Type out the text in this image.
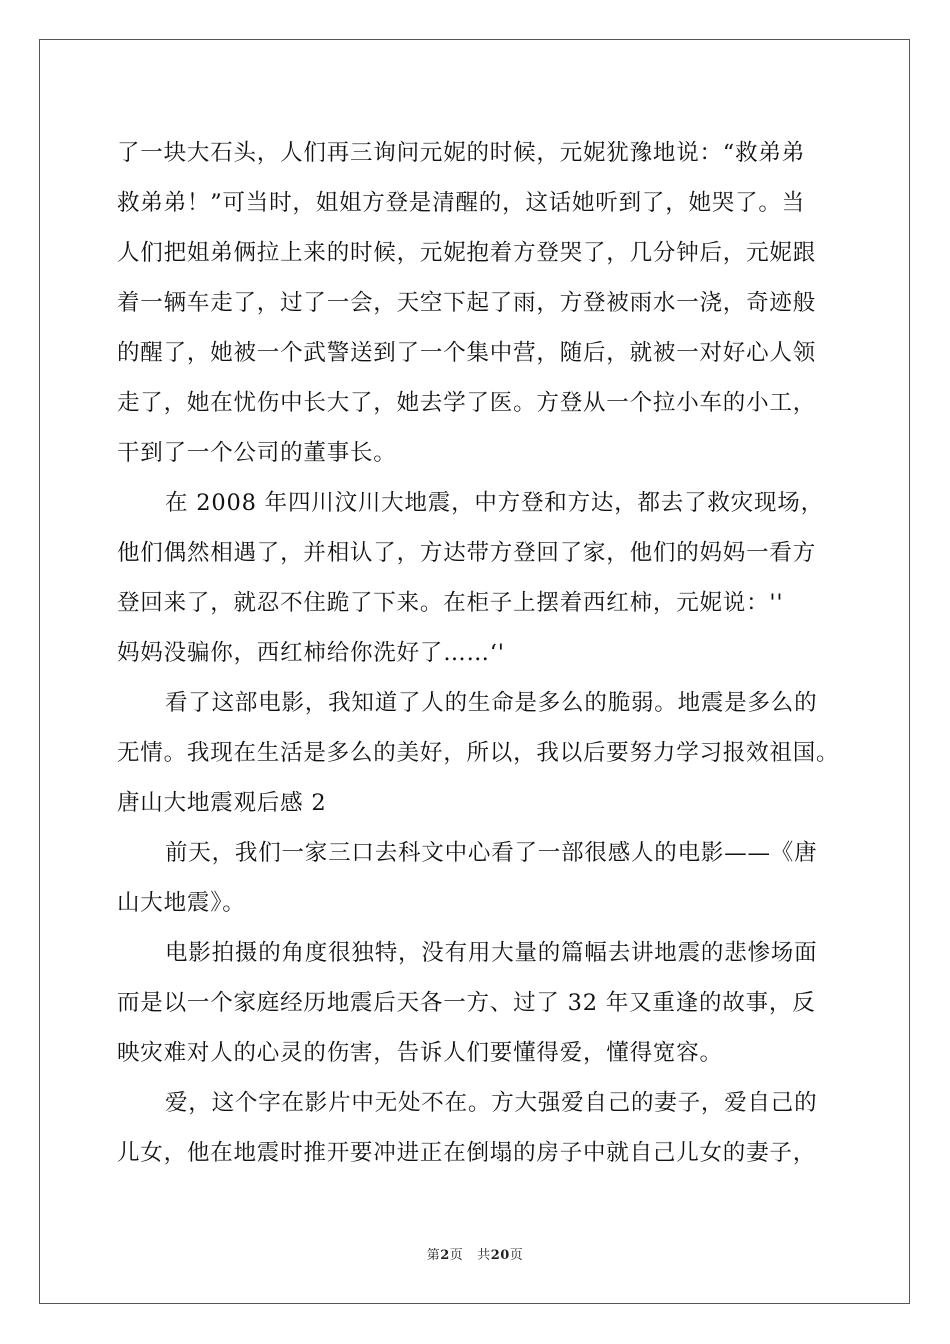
了一块大石头，人们再三询问元妮的时候，元妮犹豫地说：“救弟弟
救弟弟！”可当时，姐姐方登是清醒的，这话她听到了，她哭了。当
人们把姐弟俩拉上来的时候，元妮抱着方登哭了，几分钟后，元妮跟
着一辆车走了，过了一会，天空下起了雨，方登被雨水一浇，奇迹般
的醒了，她被一个武警送到了一个集中营，随后，就被一对好心人领
走了，她在忧伤中长大了，她去学了医。方登从一个拉小车的小工，
干到了一个公司的董事长。
在 2008 年四川汶川大地震，中方登和方达，都去了救灾现场，
他们偶然相遇了，并相认了，方达带方登回了家，他们的妈妈一看方
登回来了，就忍不住跪了下来。在柜子上摆着西红柿，元妮说：''
妈妈没骗你，西红柿给你洗好了……‘'
看了这部电影，我知道了人的生命是多么的脆弱。地震是多么的
无情。我现在生活是多么的美好，所以，我以后要努力学习报效祖国。
唐山大地震观后感 2
前天，我们一家三口去科文中心看了一部很感人的电影——《唐
山大地震》。
电影拍摄的角度很独特，没有用大量的篇幅去讲地震的悲惨场面
而是以一个家庭经历地震后天各一方、过了 32 年又重逢的故事，反
映灾难对人的心灵的伤害，告诉人们要懂得爱，懂得宽容。
爱，这个字在影片中无处不在。方大强爱自己的妻子，爱自己的
儿女，他在地震时推开要冲进正在倒塌的房子中就自己儿女的妻子，
第2页 共20页
